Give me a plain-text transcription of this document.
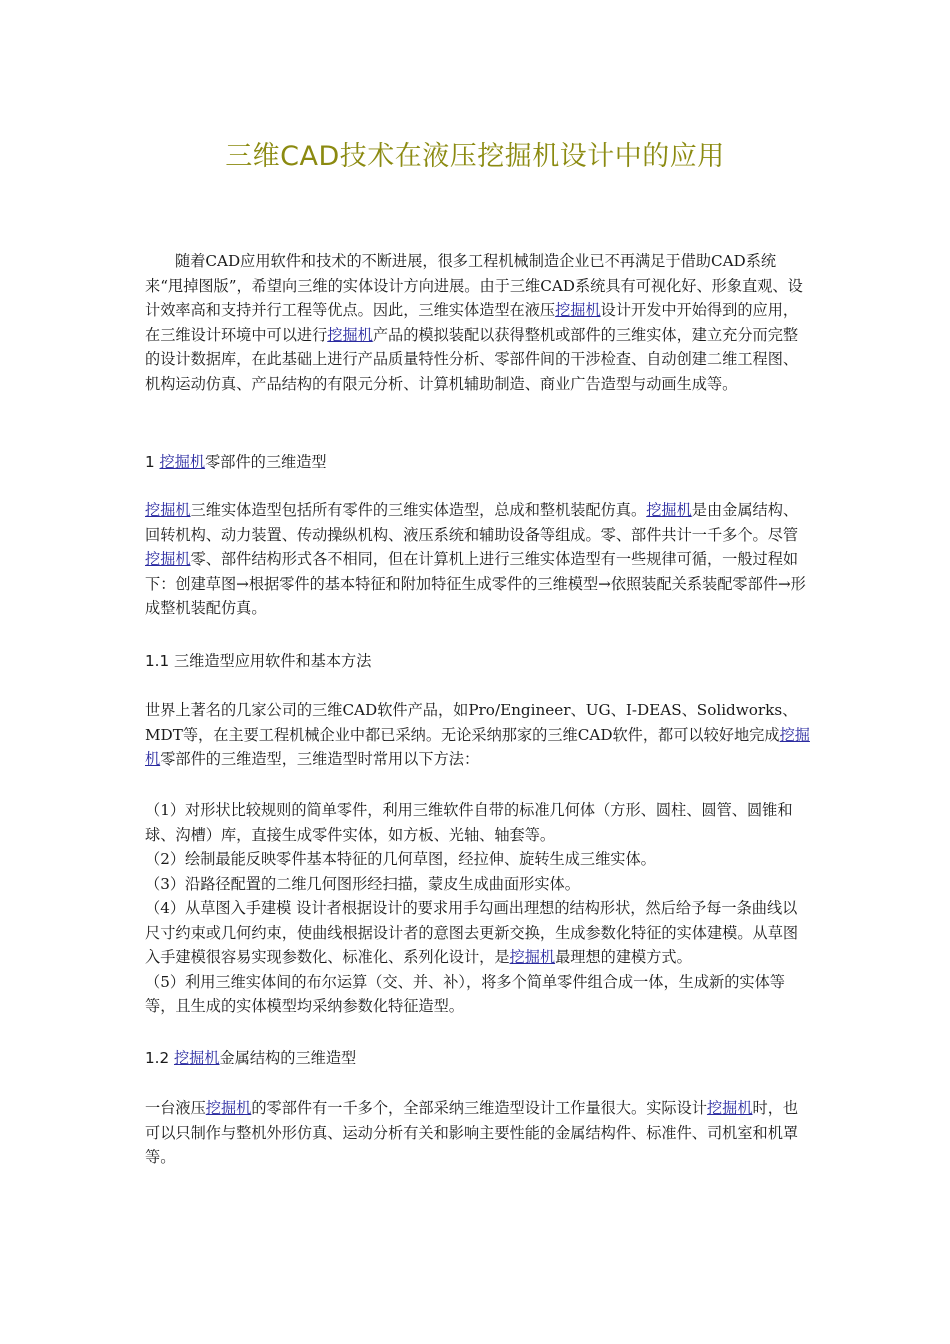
三维CAD技术在液压挖掘机设计中的应用

随着CAD应用软件和技术的不断进展，很多工程机械制造企业已不再满足于借助CAD系统来“甩掉图版”，希望向三维的实体设计方向进展。由于三维CAD系统具有可视化好、形象直观、设计效率高和支持并行工程等优点。因此，三维实体造型在液压挖掘机设计开发中开始得到的应用，在三维设计环境中可以进行挖掘机产品的模拟装配以获得整机或部件的三维实体，建立充分而完整的设计数据库，在此基础上进行产品质量特性分析、零部件间的干涉检查、自动创建二维工程图、机构运动仿真、产品结构的有限元分析、计算机辅助制造、商业广告造型与动画生成等。

1 挖掘机零部件的三维造型

挖掘机三维实体造型包括所有零件的三维实体造型，总成和整机装配仿真。挖掘机是由金属结构、回转机构、动力装置、传动操纵机构、液压系统和辅助设备等组成。零、部件共计一千多个。尽管挖掘机零、部件结构形式各不相同，但在计算机上进行三维实体造型有一些规律可循，一般过程如下：创建草图→根据零件的基本特征和附加特征生成零件的三维模型→依照装配关系装配零部件→形成整机装配仿真。

1.1 三维造型应用软件和基本方法

世界上著名的几家公司的三维CAD软件产品，如Pro/Engineer、UG、I-DEAS、Solidworks、MDT等，在主要工程机械企业中都已采纳。无论采纳那家的三维CAD软件，都可以较好地完成挖掘机零部件的三维造型，三维造型时常用以下方法：

（1）对形状比较规则的简单零件，利用三维软件自带的标准几何体（方形、圆柱、圆管、圆锥和球、沟槽）库，直接生成零件实体，如方板、光轴、轴套等。
（2）绘制最能反映零件基本特征的几何草图，经拉伸、旋转生成三维实体。
（3）沿路径配置的二维几何图形经扫描，蒙皮生成曲面形实体。
（4）从草图入手建模 设计者根据设计的要求用手勾画出理想的结构形状，然后给予每一条曲线以尺寸约束或几何约束，使曲线根据设计者的意图去更新交换，生成参数化特征的实体建模。从草图入手建模很容易实现参数化、标准化、系列化设计，是挖掘机最理想的建模方式。
（5）利用三维实体间的布尔运算（交、并、补），将多个简单零件组合成一体，生成新的实体等等，且生成的实体模型均采纳参数化特征造型。

1.2 挖掘机金属结构的三维造型

一台液压挖掘机的零部件有一千多个，全部采纳三维造型设计工作量很大。实际设计挖掘机时，也可以只制作与整机外形仿真、运动分析有关和影响主要性能的金属结构件、标准件、司机室和机罩等。
